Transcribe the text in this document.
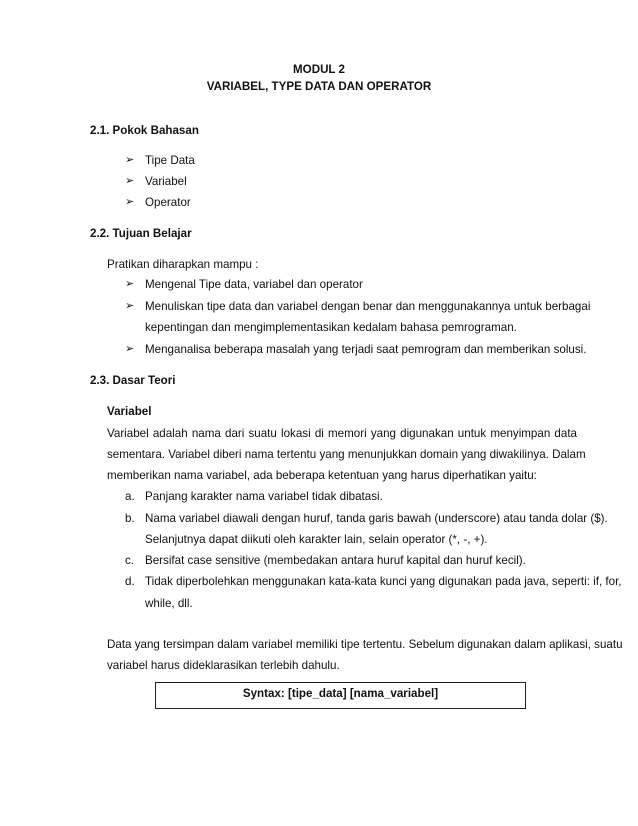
MODUL 2
VARIABEL, TYPE DATA DAN OPERATOR
2.1. Pokok Bahasan
➢ Tipe Data
➢ Variabel
➢ Operator
2.2. Tujuan Belajar
Pratikan diharapkan mampu :
➢ Mengenal Tipe data, variabel dan operator
➢ Menuliskan tipe data dan variabel dengan benar dan menggunakannya untuk berbagai
kepentingan dan mengimplementasikan kedalam bahasa pemrograman.
➢ Menganalisa beberapa masalah yang terjadi saat pemrogram dan memberikan solusi.
2.3. Dasar Teori
Variabel
Variabel adalah nama dari suatu lokasi di memori yang digunakan untuk menyimpan data
sementara. Variabel diberi nama tertentu yang menunjukkan domain yang diwakilinya. Dalam
memberikan nama variabel, ada beberapa ketentuan yang harus diperhatikan yaitu:
a. Panjang karakter nama variabel tidak dibatasi.
b. Nama variabel diawali dengan huruf, tanda garis bawah (underscore) atau tanda dolar ($).
Selanjutnya dapat diikuti oleh karakter lain, selain operator (*, -, +).
c. Bersifat case sensitive (membedakan antara huruf kapital dan huruf kecil).
d. Tidak diperbolehkan menggunakan kata-kata kunci yang digunakan pada java, seperti: if, for,
while, dll.
Data yang tersimpan dalam variabel memiliki tipe tertentu. Sebelum digunakan dalam aplikasi, suatu
variabel harus dideklarasikan terlebih dahulu.
Syntax: [tipe_data] [nama_variabel]
